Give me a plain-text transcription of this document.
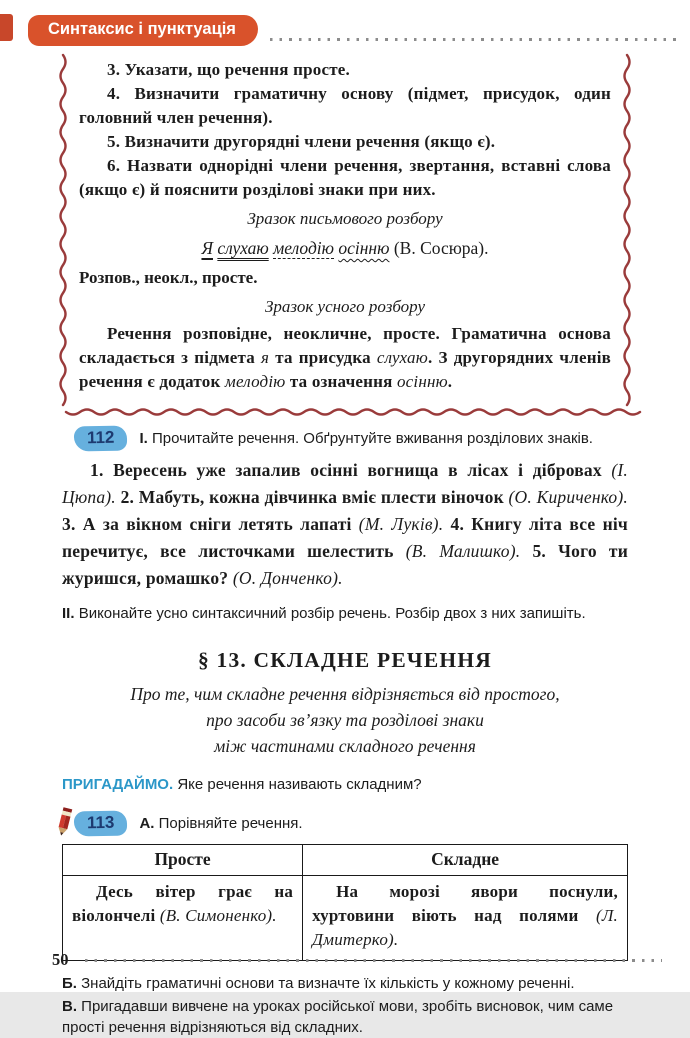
Синтаксис і пунктуація

3. Указати, що речення просте.

4. Визначити граматичну основу (підмет, присудок, один головний член речення).

5. Визначити другорядні члени речення (якщо є).

6. Назвати однорідні члени речення, звертання, вставні слова (якщо є) й пояснити розділові знаки при них.

Зразок письмового розбору

Я слухаю мелодію осінню (В. Сосюра).

Розпов., неокл., просте.

Зразок усного розбору

Речення розповідне, неокличне, просте. Граматична основа складається з підмета я та присудка слухаю. З другорядних членів речення є додаток мелодію та означення осінню.

112	І. Прочитайте речення. Обґрунтуйте вживання розділових знаків.

1. Вересень уже запалив осінні вогнища в лісах і дібровах (І. Цюпа). 2. Мабуть, кожна дівчинка вміє плести віночок (О. Кириченко). 3. А за вікном сніги летять лапаті (М. Луків). 4. Книгу літа все ніч перечитує, все листочками шелестить (В. Малишко). 5. Чого ти журишся, ромашко? (О. Донченко).

ІІ. Виконайте усно синтаксичний розбір речень. Розбір двох з них запишіть.

§ 13. СКЛАДНЕ РЕЧЕННЯ

Про те, чим складне речення відрізняється від простого,
про засоби зв’язку та розділові знаки
між частинами складного речення

ПРИГАДАЙМО. Яке речення називають складним?

113	А. Порівняйте речення.
Просте	Складне
Десь вітер грає на віолончелі (В. Симоненко).	На морозі явори поснули, хуртовини віють над полями (Л. Дмитерко).

Б. Знайдіть граматичні основи та визначте їх кількість у кожному реченні.

В. Пригадавши вивчене на уроках російської мови, зробіть висновок, чим саме прості речення відрізняються від складних.

50
